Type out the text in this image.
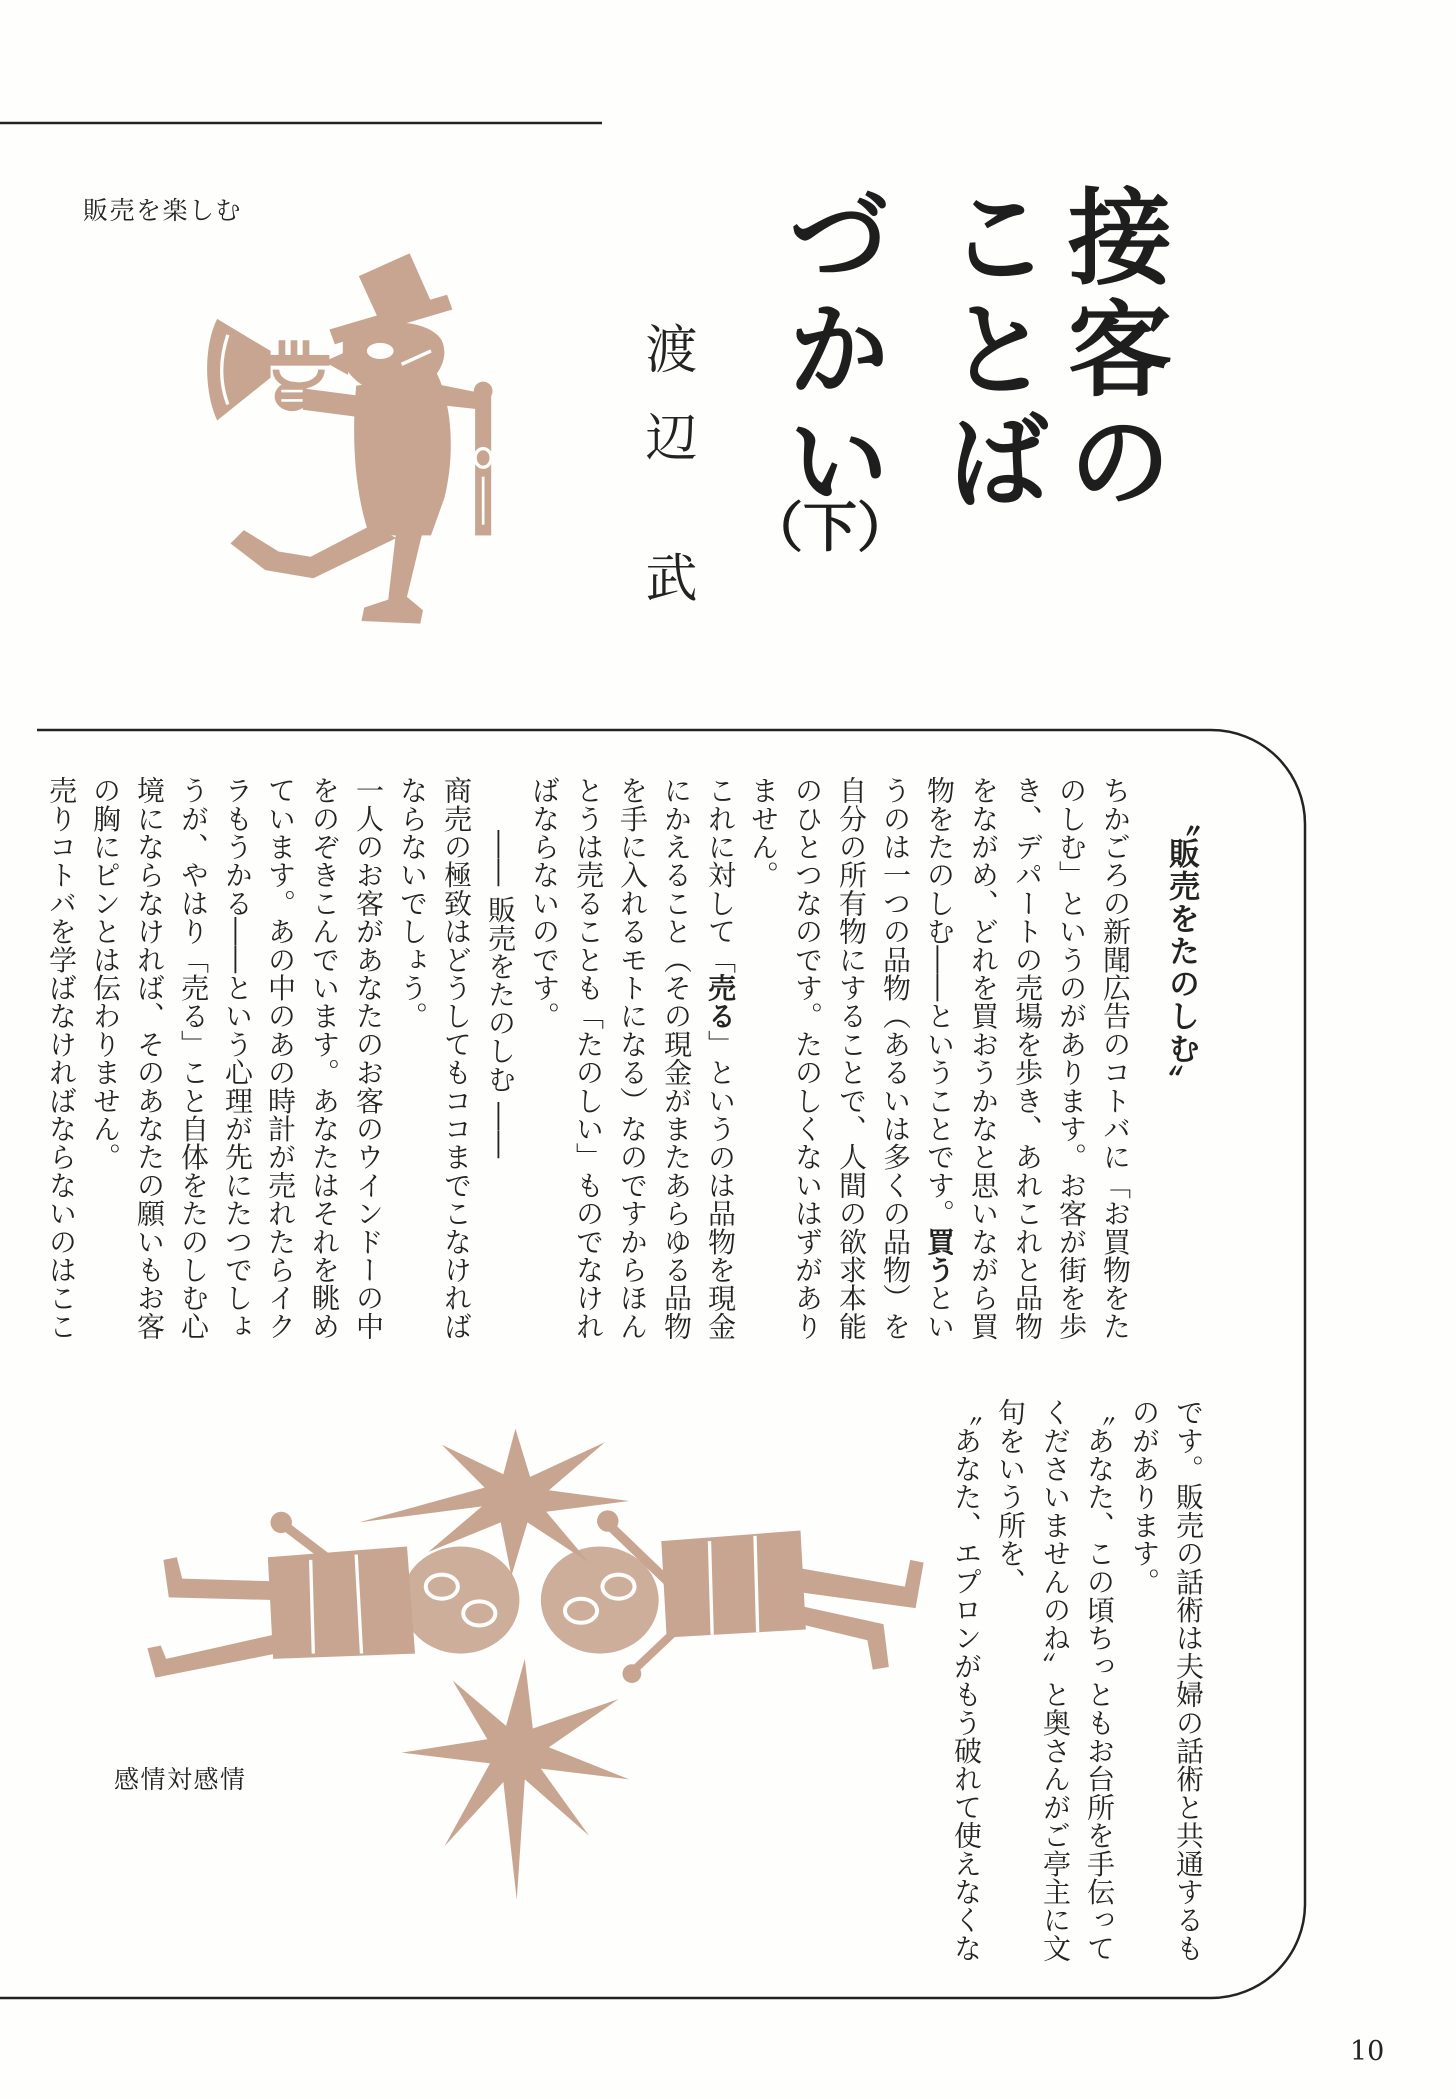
販売を楽しむ	接客の
ことば
づかい
（下）
渡辺 武
〝販売をたのしむ〟
ちかごろの新聞広告のコトバに「お買物をた
のしむ」というのがあります。お客が街を歩
き、デパートの売場を歩き、あれこれと品物
をながめ、どれを買おうかなと思いながら買
物をたのしむ――ということです。買うとい
うのは一つの品物（あるいは多くの品物）を
自分の所有物にすることで、人間の欲求本能
のひとつなのです。たのしくないはずがあり
ません。
これに対して「売る」というのは品物を現金
にかえること（その現金がまたあらゆる品物
を手に入れるモトになる）なのですからほん
とうは売ることも「たのしい」ものでなけれ
ばならないのです。
―― 販売をたのしむ ――
商売の極致はどうしてもココまでこなければ
ならないでしょう。
一人のお客があなたのお客のウインドーの中
をのぞきこんでいます。あなたはそれを眺め
ています。あの中のあの時計が売れたらイク
ラもうかる――という心理が先にたつでしょ
うが、やはり「売る」こと自体をたのしむ心
境にならなければ、そのあなたの願いもお客
の胸にピンとは伝わりません。
売りコトバを学ばなければならないのはここ
です。販売の話術は夫婦の話術と共通するも
のがあります。
〝あなた、この頃ちっともお台所を手伝って
くださいませんのね〟と奥さんがご亭主に文
句をいう所を、
〝あなた、エプロンがもう破れて使えなくな
感情対感情
10
